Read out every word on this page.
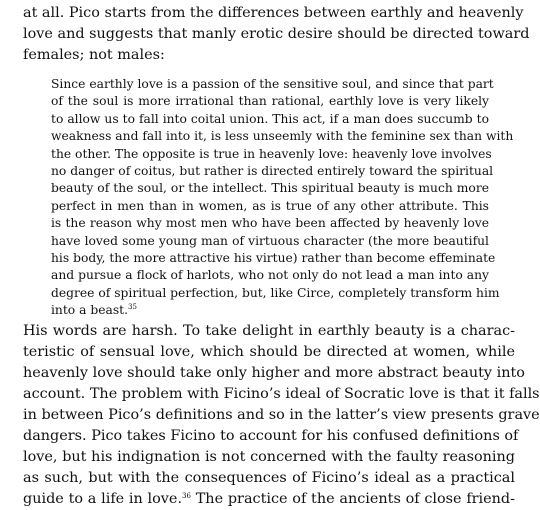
at all. Pico starts from the differences between earthly and heavenly

love and suggests that manly erotic desire should be directed toward

females; not males:

Since earthly love is a passion of the sensitive soul, and since that part

of the soul is more irrational than rational, earthly love is very likely

to allow us to fall into coital union. This act, if a man does succumb to

weakness and fall into it, is less unseemly with the feminine sex than with

the other. The opposite is true in heavenly love: heavenly love involves

no danger of coitus, but rather is directed entirely toward the spiritual

beauty of the soul, or the intellect. This spiritual beauty is much more

perfect in men than in women, as is true of any other attribute. This

is the reason why most men who have been affected by heavenly love

have loved some young man of virtuous character (the more beautiful

his body, the more attractive his virtue) rather than become effeminate

and pursue a flock of harlots, who not only do not lead a man into any

degree of spiritual perfection, but, like Circe, completely transform him

into a beast.$^{35}$

His words are harsh. To take delight in earthly beauty is a charac-

teristic of sensual love, which should be directed at women, while

heavenly love should take only higher and more abstract beauty into

account. The problem with Ficino’s ideal of Socratic love is that it falls

in between Pico’s definitions and so in the latter’s view presents grave

dangers. Pico takes Ficino to account for his confused definitions of

love, but his indignation is not concerned with the faulty reasoning

as such, but with the consequences of Ficino’s ideal as a practical

guide to a life in love.$^{36}$ The practice of the ancients of close friend-
